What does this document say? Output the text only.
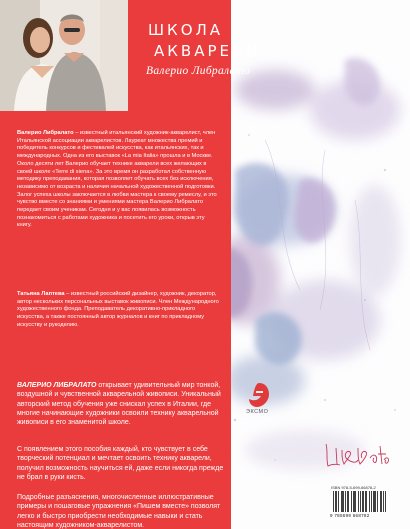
Валерио Либралато – известный итальянский художник-акварелист, член Итальянской ассоциации акварелистов. Лауреат множества премий и победитель конкурсов и фестивалей искусства, как итальянских, так и международных. Одна из его выставок «La mia Italia» прошла и в Москве. Около десяти лет Валерио обучает технике акварели всех желающих в своей школе «Terre di siena». За это время он разработал собственную методику преподавания, которая позволяет обучать всех без исключения, независимо от возраста и наличия начальной художественной подготовки. Залог успеха школы заключается в любви мастера к своему ремеслу, и это чувство вместе со знаниями и умениями мастера Валерио Либралато передает своим ученикам. Сегодня и у вас появилась возможность познакомиться с работами художника и посетить его уроки, открыв эту книгу.

Татьяна Лаптева – известный российский дизайнер, художник, декоратор, автор нескольких персональных выставок живописи. Член Международного художественного фонда. Преподаватель декоративно-прикладного искусства, а также постоянный автор журналов и книг по прикладному искусству и рукоделию.

ВАЛЕРИО ЛИБРАЛАТО открывает удивительный мир тонкой, воздушной и чувственной акварельной живописи. Уникальный авторский метод обучения уже снискал успех в Италии, где многие начинающие художники освоили технику акварельной живописи в его знаменитой школе.

С появлением этого пособия каждый, кто чувствует в себе творческий потенциал и мечтает освоить технику акварели, получил возможность научиться ей, даже если никогда прежде не брал в руки кисть.

Подробные разъяснения, многочисленные иллюстративные примеры и пошаговые упражнения «Пишем вместе» позволят легко и быстро приобрести необходимые навыки и стать настоящим художником-акварелистом.

ШКОЛА
АКВАРЕЛИ
Валерио Либралато
ЭКСМО
LibRalato
ISBN 978-5-699-66878-2
9 785699 668782
